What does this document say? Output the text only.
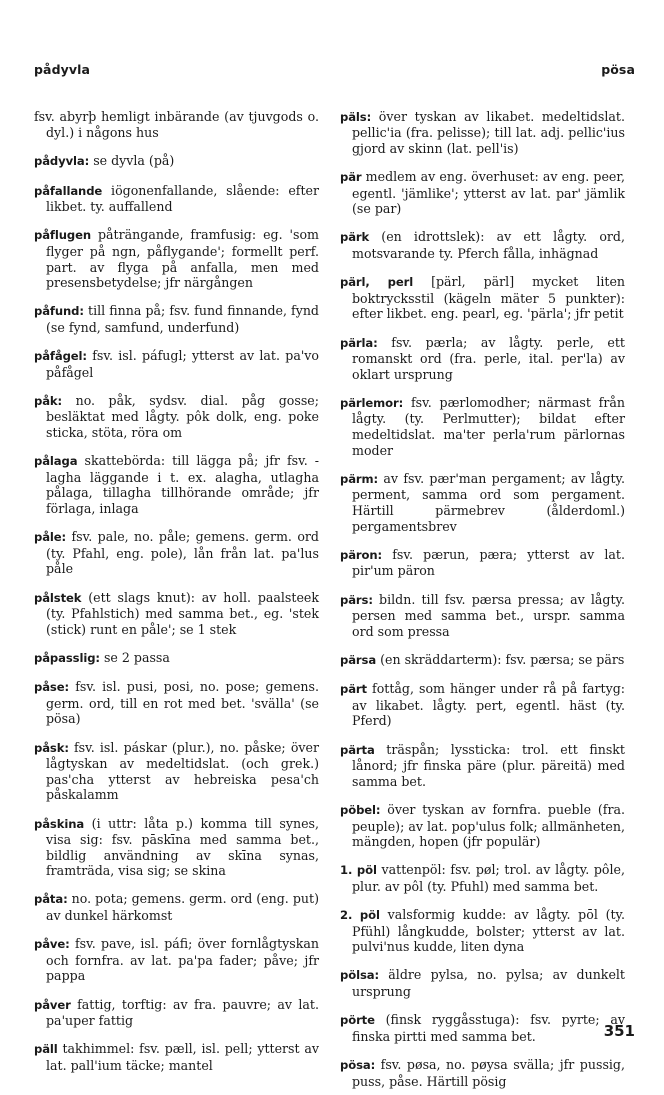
pådyvla	pösa

fsv. abyrþ hemligt inbärande (av tjuvgods o. dyl.) i någons hus

pådyvla: se dyvla (på)

påfallande iögonenfallande, slående: efter likbet. ty. auffallend

påflugen påträngande, framfusig: eg. 'som flyger på ngn, påflygande'; formellt perf. part. av flyga på anfalla, men med presensbetydelse; jfr närgången

påfund: till finna på; fsv. fund finnande, fynd (se fynd, samfund, underfund)

påfågel: fsv. isl. páfugl; ytterst av lat. pa'vo påfågel

påk: no. påk, sydsv. dial. påg gosse; besläktat med lågty. pôk dolk, eng. poke sticka, stöta, röra om

pålaga skattebörda: till lägga på; jfr fsv. -lagha läggande i t. ex. alagha, utlagha pålaga, tillagha tillhörande område; jfr förlaga, inlaga

påle: fsv. pale, no. påle; gemens. germ. ord (ty. Pfahl, eng. pole), lån från lat. pa'lus påle

pålstek (ett slags knut): av holl. paalsteek (ty. Pfahlstich) med samma bet., eg. 'stek (stick) runt en påle'; se 1 stek

påpasslig: se 2 passa

påse: fsv. isl. pusi, posi, no. pose; gemens. germ. ord, till en rot med bet. 'svälla' (se pösa)

påsk: fsv. isl. páskar (plur.), no. påske; över lågtyskan av medeltidslat. (och grek.) pas'cha ytterst av hebreiska pesa'ch påskalamm

påskina (i uttr: låta p.) komma till synes, visa sig: fsv. pāskīna med samma bet., bildlig användning av skīna synas, framträda, visa sig; se skina

påta: no. pota; gemens. germ. ord (eng. put) av dunkel härkomst

påve: fsv. pave, isl. páfi; över fornlågtyskan och fornfra. av lat. pa'pa fader; påve; jfr pappa

påver fattig, torftig: av fra. pauvre; av lat. pa'uper fattig

päll takhimmel: fsv. pæll, isl. pell; ytterst av lat. pall'ium täcke; mantel

päls: över tyskan av likabet. medeltidslat. pellic'ia (fra. pelisse); till lat. adj. pellic'ius gjord av skinn (lat. pell'is)

pär medlem av eng. överhuset: av eng. peer, egentl. 'jämlike'; ytterst av lat. par' jämlik (se par)

pärk (en idrottslek): av ett lågty. ord, motsvarande ty. Pferch fålla, inhägnad

pärl, perl [pärl, pärl] mycket liten boktrycksstil (kägeln mäter 5 punkter): efter likbet. eng. pearl, eg. 'pärla'; jfr petit

pärla: fsv. pærla; av lågty. perle, ett romanskt ord (fra. perle, ital. per'la) av oklart ursprung

pärlemor: fsv. pærlomodher; närmast från lågty. (ty. Perlmutter); bildat efter medeltidslat. ma'ter perla'rum pärlornas moder

pärm: av fsv. pær'man pergament; av lågty. perment, samma ord som pergament. Härtill pärmebrev (ålderdoml.) pergamentsbrev

päron: fsv. pærun, pæra; ytterst av lat. pir'um päron

pärs: bildn. till fsv. pærsa pressa; av lågty. persen med samma bet., urspr. samma ord som pressa

pärsa (en skräddarterm): fsv. pærsa; se pärs

pärt fottåg, som hänger under rå på fartyg: av likabet. lågty. pert, egentl. häst (ty. Pferd)

pärta träspån; lyssticka: trol. ett finskt lånord; jfr finska päre (plur. päreitä) med samma bet.

pöbel: över tyskan av fornfra. pueble (fra. peuple); av lat. pop'ulus folk; allmänheten, mängden, hopen (jfr populär)

1. pöl vattenpöl: fsv. pøl; trol. av lågty. pôle, plur. av pôl (ty. Pfuhl) med samma bet.

2. pöl valsformig kudde: av lågty. pōl (ty. Pfühl) långkudde, bolster; ytterst av lat. pulvi'nus kudde, liten dyna

pölsa: äldre pylsa, no. pylsa; av dunkelt ursprung

pörte (finsk ryggåsstuga): fsv. pyrte; av finska pirtti med samma bet.

pösa: fsv. pøsa, no. pøysa svälla; jfr pussig, puss, påse. Härtill pösig

351
